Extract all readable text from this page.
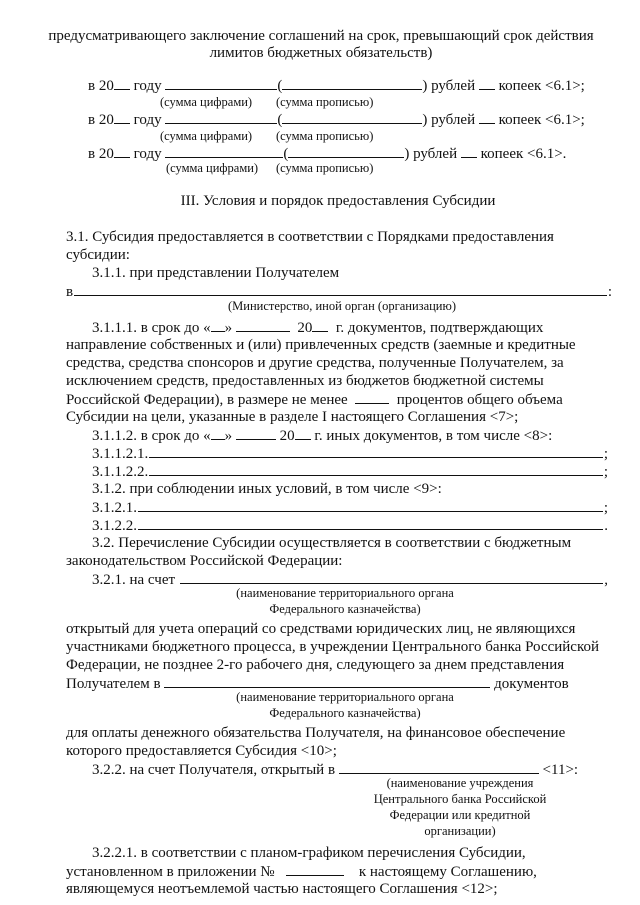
предусматривающего заключение соглашений на срок, превышающий срок действия
лимитов бюджетных обязательств)
в 20 году	(	) рублей копеек <6.1>;
(сумма цифрами) (сумма прописью)
в 20 году	(	) рублей копеек <6.1>;
(сумма цифрами) (сумма прописью)
в 20 году	(	) рублей копеек <6.1>.
(сумма цифрами) (сумма прописью)
III. Условия и порядок предоставления Субсидии
3.1. Субсидия предоставляется в соответствии с Порядками предоставления
субсидии:
3.1.1. при представлении Получателем
в	:
(Министерство, иной орган (организацию)
3.1.1.1. в срок до « »	20 г. документов, подтверждающих
направление собственных и (или) привлеченных средств (заемные и кредитные
средства, средства спонсоров и другие средства, полученные Получателем, за
исключением средств, предоставленных из бюджетов бюджетной системы
Российской Федерации), в размере не менее	процентов общего объема
Субсидии на цели, указанные в разделе I настоящего Соглашения <7>;
3.1.1.2. в срок до « »	20 г. иных документов, в том числе <8>:
3.1.1.2.1.	;
3.1.1.2.2.	;
3.1.2. при соблюдении иных условий, в том числе <9>:
3.1.2.1.	;
3.1.2.2.	.
3.2. Перечисление Субсидии осуществляется в соответствии с бюджетным
законодательством Российской Федерации:
3.2.1. на счет
	,
(наименование территориального органа
Федерального казначейства)
открытый для учета операций со средствами юридических лиц, не являющихся
участниками бюджетного процесса, в учреждении Центрального банка Российской
Федерации, не позднее 2-го рабочего дня, следующего за днем представления
Получателем в	документов
(наименование территориального органа
Федерального казначейства)
для оплаты денежного обязательства Получателя, на финансовое обеспечение
которого предоставляется Субсидия <10>;
3.2.2. на счет Получателя, открытый в	<11>:
(наименование учреждения
Центрального банка Российской
Федерации или кредитной
организации)
3.2.2.1. в соответствии с планом-графиком перечисления Субсидии,
установленном в приложении №	к настоящему Соглашению,
являющемуся неотъемлемой частью настоящего Соглашения <12>;
